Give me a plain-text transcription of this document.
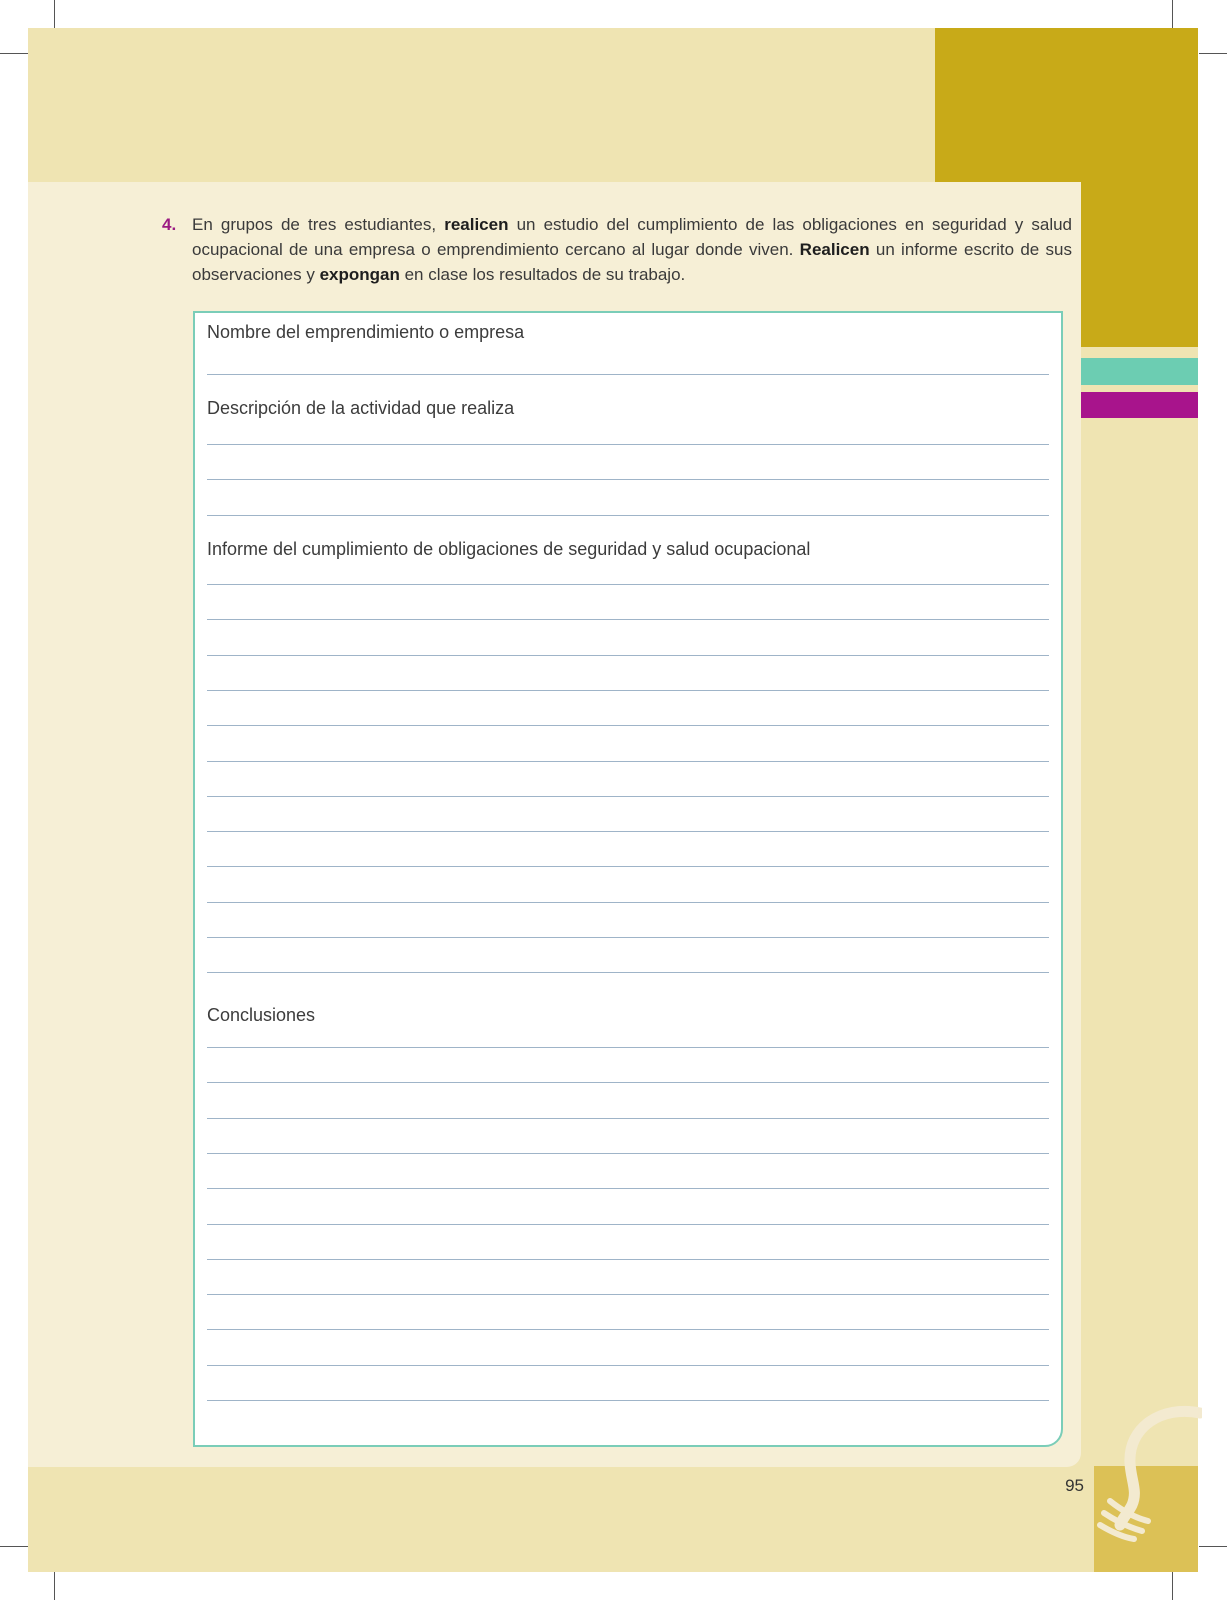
95
4. En grupos de tres estudiantes, realicen un estudio del cumplimiento de las obligaciones en seguridad y salud ocupacional de una empresa o emprendimiento cercano al lugar donde viven. Realicen un informe escrito de sus observaciones y expongan en clase los resultados de su trabajo.
Nombre del emprendimiento o empresa
Descripción de la actividad que realiza
Informe del cumplimiento de obligaciones de seguridad y salud ocupacional
Conclusiones
